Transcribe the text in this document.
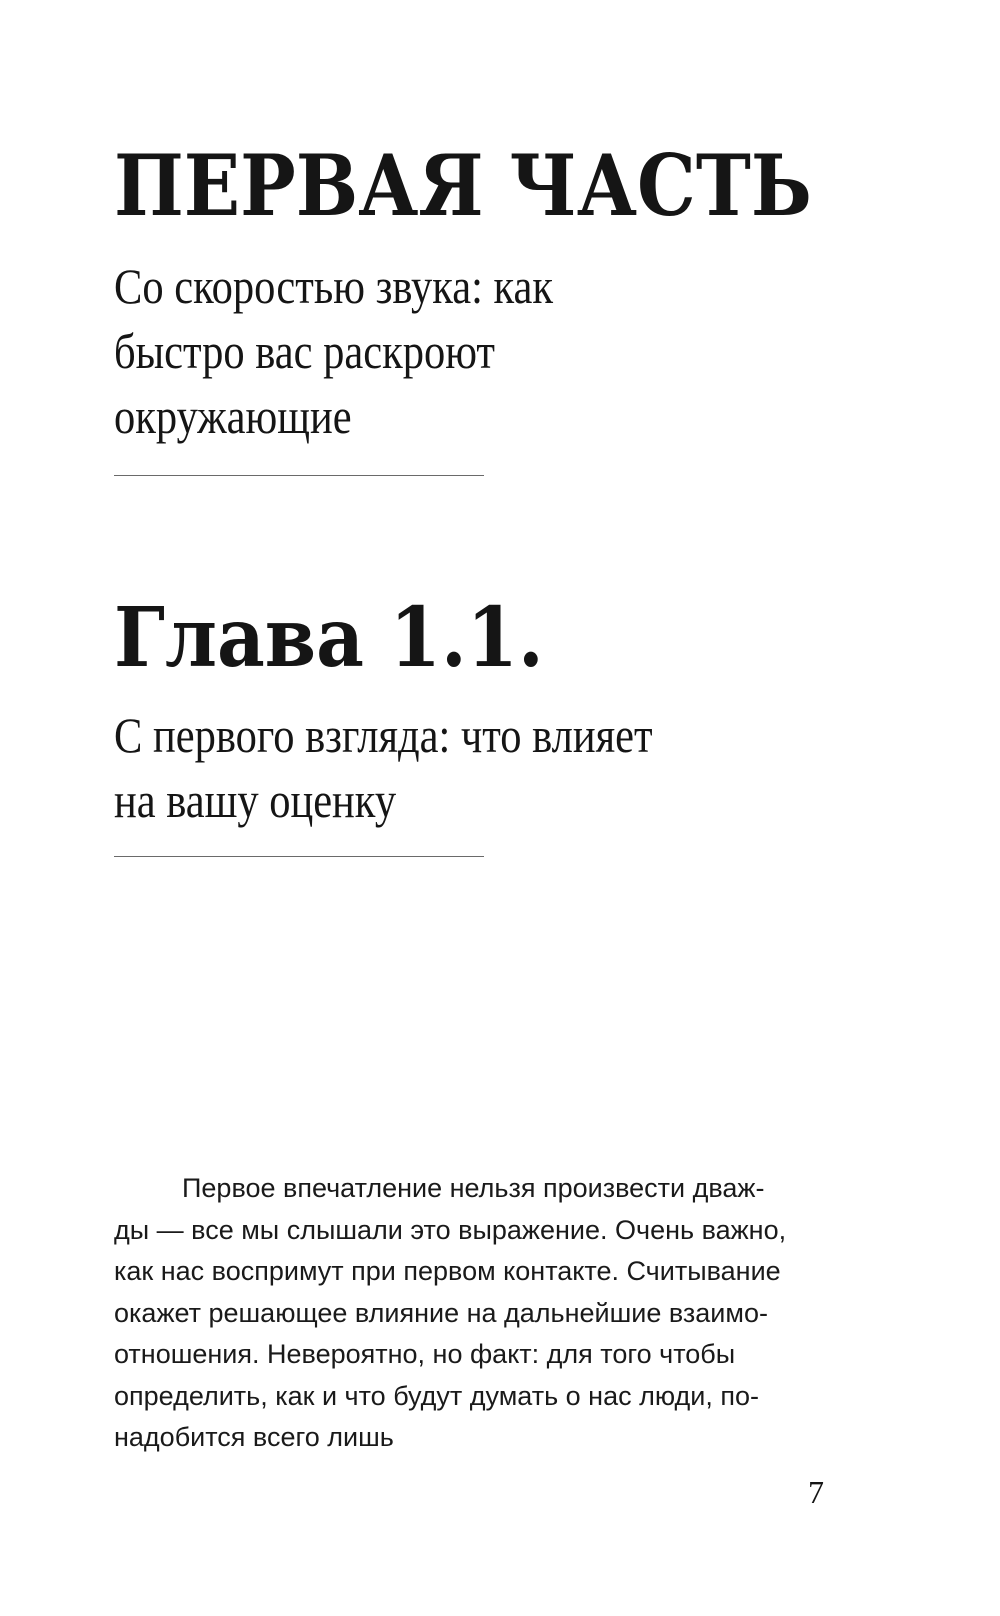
ПЕРВАЯ ЧАСТЬ
Со скоростью звука: как
быстро вас раскроют
окружающие
Глава 1.1.
С первого взгляда: что влияет
на вашу оценку

Первое впечатление нельзя произвести дваж-
ды — все мы слышали это выражение. Очень важно,
как нас воспримут при первом контакте. Считывание
окажет решающее влияние на дальнейшие взаимо-
отношения. Невероятно, но факт: для того чтобы
определить, как и что будут думать о нас люди, по-
надобится всего лишь

7
